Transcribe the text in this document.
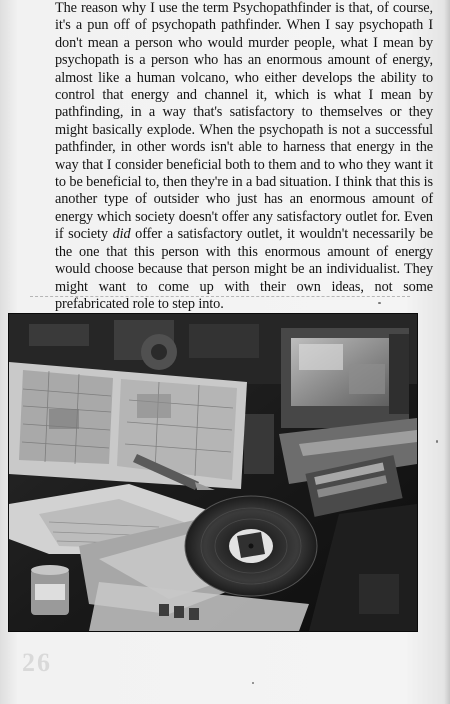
The reason why I use the term Psychopathfinder is that, of course, it's a pun off of psychopath pathfinder. When I say psychopath I don't mean a person who would murder people, what I mean by psychopath is a person who has an enormous amount of energy, almost like a human volcano, who either develops the ability to control that energy and channel it, which is what I mean by pathfinding, in a way that's satisfactory to themselves or they might basically explode. When the psychopath is not a successful pathfinder, in other words isn't able to harness that energy in the way that I consider beneficial both to them and to who they want it to be beneficial to, then they're in a bad situation. I think that this is another type of outsider who just has an enormous amount of energy which society doesn't offer any satisfactory outlet for. Even if society did offer a satisfactory outlet, it wouldn't necessarily be the one that this person with this enormous amount of energy would choose because that person might be an individualist. They might want to come up with their own ideas, not some prefabricated role to step into.

26
